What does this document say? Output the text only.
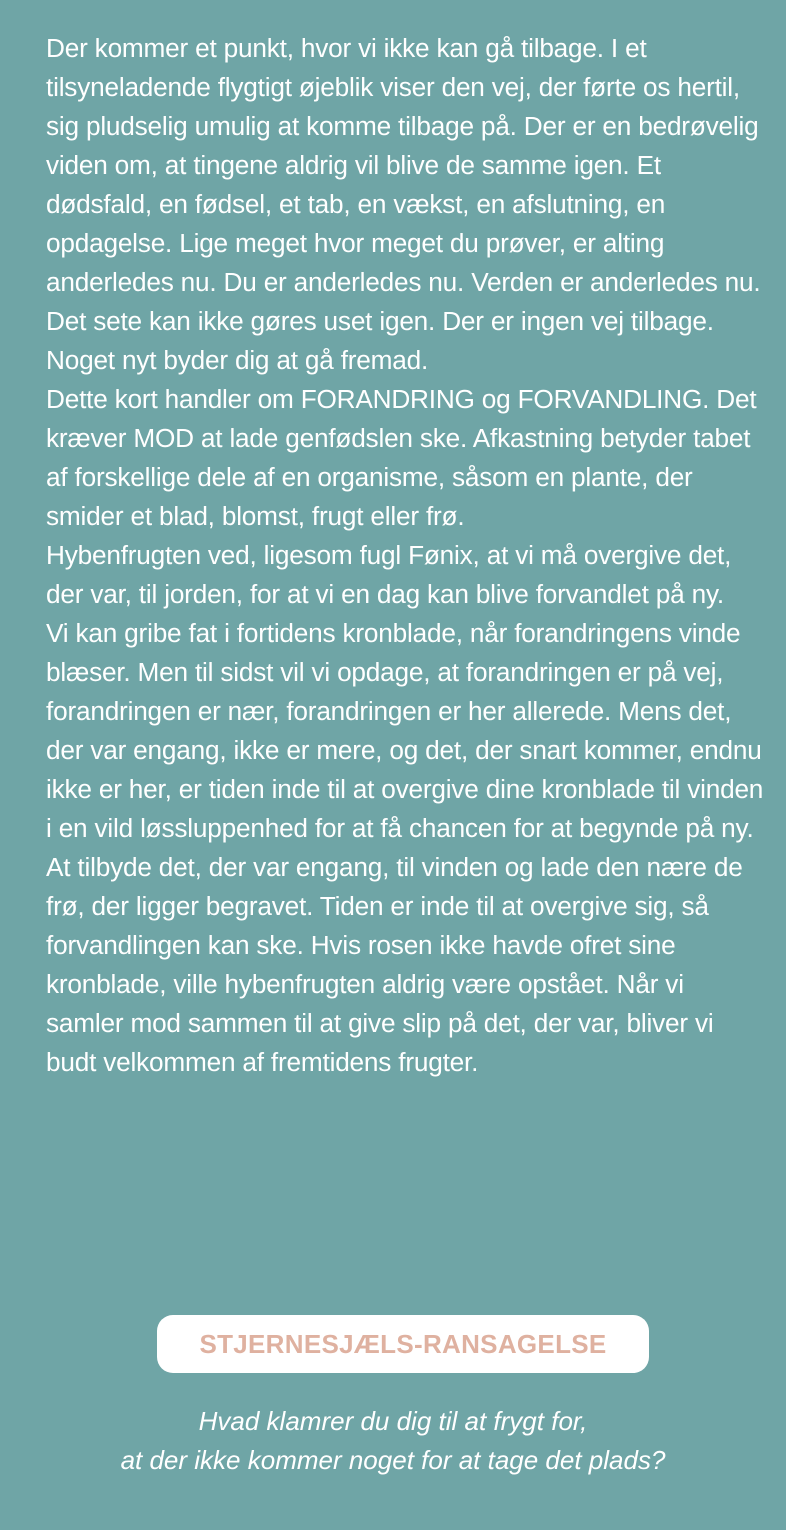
Der kommer et punkt, hvor vi ikke kan gå tilbage. I et tilsyneladende flygtigt øjeblik viser den vej, der førte os hertil, sig pludselig umulig at komme tilbage på. Der er en bedrøvelig viden om, at tingene aldrig vil blive de samme igen. Et dødsfald, en fødsel, et tab, en vækst, en afslutning, en opdagelse. Lige meget hvor meget du prøver, er alting anderledes nu. Du er anderledes nu. Verden er anderledes nu. Det sete kan ikke gøres uset igen. Der er ingen vej tilbage. Noget nyt byder dig at gå fremad.

Dette kort handler om FORANDRING og FORVANDLING. Det kræver MOD at lade genfødslen ske. Afkastning betyder tabet af forskellige dele af en organisme, såsom en plante, der smider et blad, blomst, frugt eller frø.

Hybenfrugten ved, ligesom fugl Fønix, at vi må overgive det, der var, til jorden, for at vi en dag kan blive forvandlet på ny.

Vi kan gribe fat i fortidens kronblade, når forandringens vinde blæser. Men til sidst vil vi opdage, at forandringen er på vej, forandringen er nær, forandringen er her allerede. Mens det, der var engang, ikke er mere, og det, der snart kommer, endnu ikke er her, er tiden inde til at overgive dine kronblade til vinden i en vild løssluppenhed for at få chancen for at begynde på ny. At tilbyde det, der var engang, til vinden og lade den nære de frø, der ligger begravet. Tiden er inde til at overgive sig, så forvandlingen kan ske. Hvis rosen ikke havde ofret sine kronblade, ville hybenfrugten aldrig være opstået. Når vi samler mod sammen til at give slip på det, der var, bliver vi budt velkommen af fremtidens frugter.

STJERNESJÆLS-RANSAGELSE
Hvad klamrer du dig til at frygt for,
at der ikke kommer noget for at tage det plads?
